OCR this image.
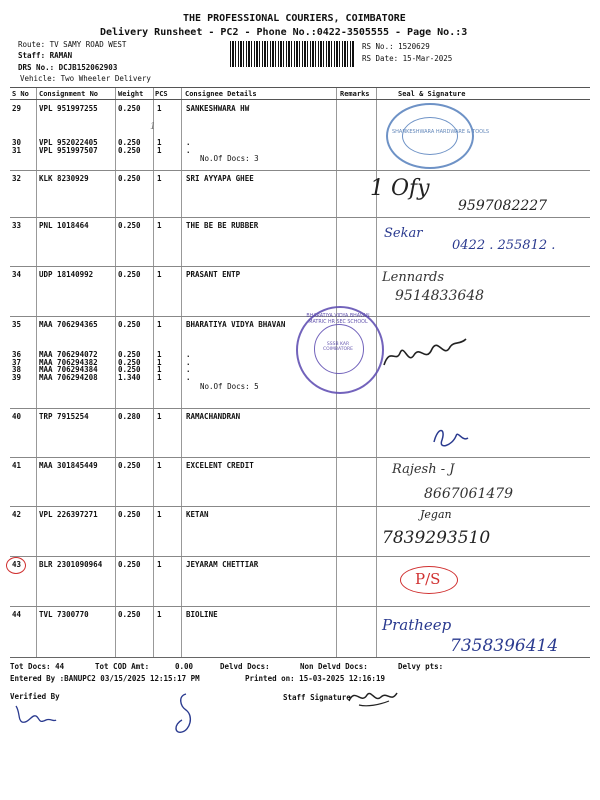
THE PROFESSIONAL COURIERS, COIMBATORE
Delivery Runsheet - PC2 - Phone No.:0422-3505555 - Page No.:3
Route: TV SAMY ROAD WEST
Staff: RAMAN
DRS No.: DCJB152062903
Vehicle: Two Wheeler Delivery
RS No.: 1520629
RS Date: 15-Mar-2025
S No Consignment No	Weight PCS Consignee Details	Remarks	Seal & Signature
29 VPL 951997255	0.250 1	SANKESHWARA HW
30 VPL 952022405	0.250 1	.
31 VPL 951997507	0.250 1	.
No.Of Docs: 3
32 KLK 8230929	0.250 1	SRI AYYAPA GHEE
33 PNL 1018464	0.250 1	THE BE BE RUBBER
34 UDP 18140992	0.250 1	PRASANT ENTP
35 MAA 706294365	0.250 1	BHARATIYA VIDYA BHAVAN
36 MAA 706294072	0.250 1	.
37 MAA 706294382	0.250 1	.
38 MAA 706294384	0.250 1	.
39 MAA 706294208	1.340 1	.
No.Of Docs: 5
40 TRP 7915254	0.280 1	RAMACHANDRAN
41 MAA 301845449	0.250 1	EXCELENT CREDIT
42 VPL 226397271	0.250 1	KETAN
43 BLR 2301090964 0.250 1	JEYARAM CHETTIAR
44 TVL 7300770	0.250 1	BIOLINE
SHANKESHWARA HARDWARE & TOOLS
BHARATIYA VIDYA BHAVAN MATRIC HR SEC SCHOOL
SSSB KAR COIMBATORE
1
1 Ofy
9597082227
Sekar
0422 . 255812 .
Lennards
9514833648
Rajesh - J
8667061479
Jegan
7839293510
P/S
Pratheep
7358396414
Tot Docs: 44	Tot COD Amt:	0.00	Delvd Docs:	Non Delvd Docs:	Delvy pts:
Entered By :BANUPC2 03/15/2025 12:15:17 PM	Printed on: 15-03-2025 12:16:19
Verified By	Staff Signature
